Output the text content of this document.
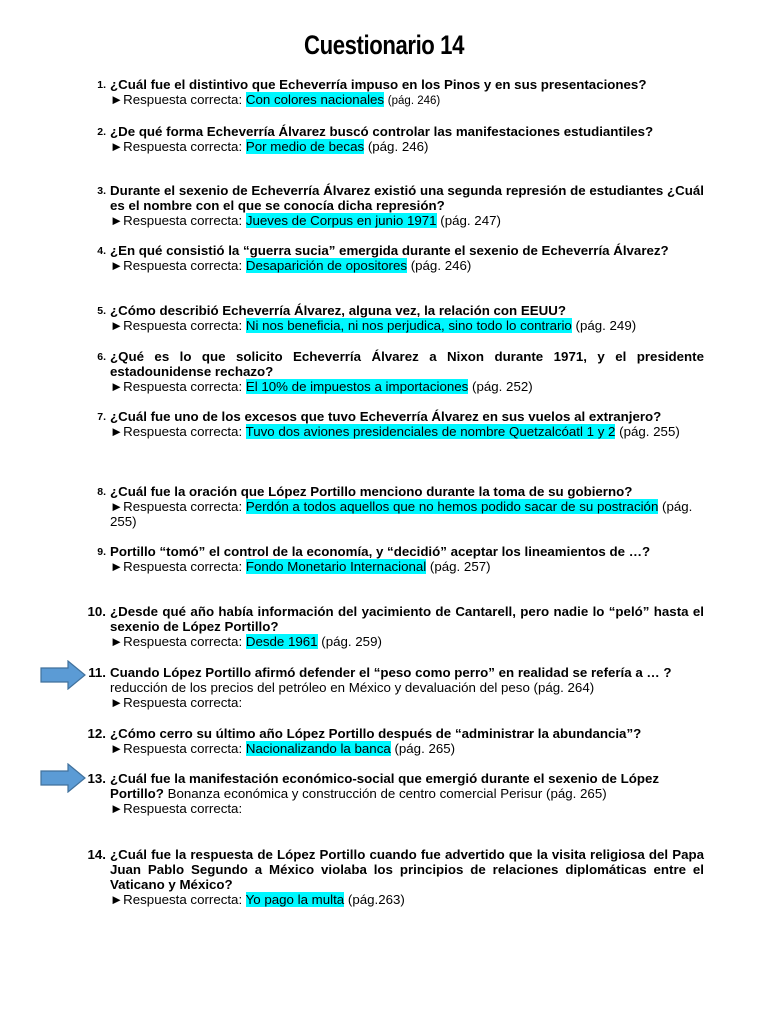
Cuestionario 14
1. ¿Cuál fue el distintivo que Echeverría impuso en los Pinos y en sus presentaciones?
►Respuesta correcta: Con colores nacionales (pág. 246)
2. ¿De qué forma Echeverría Álvarez buscó controlar las manifestaciones estudiantiles?
►Respuesta correcta: Por medio de becas (pág. 246)
3. Durante el sexenio de Echeverría Álvarez existió una segunda represión de estudiantes ¿Cuál es el nombre con el que se conocía dicha represión?
►Respuesta correcta: Jueves de Corpus en junio 1971 (pág. 247)
4. ¿En qué consistió la “guerra sucia” emergida durante el sexenio de Echeverría Álvarez?
►Respuesta correcta: Desaparición de opositores (pág. 246)
5. ¿Cómo describió Echeverría Álvarez, alguna vez, la relación con EEUU?
►Respuesta correcta: Ni nos beneficia, ni nos perjudica, sino todo lo contrario (pág. 249)
6. ¿Qué es lo que solicito Echeverría Álvarez a Nixon durante 1971, y el presidente estadounidense rechazo?
►Respuesta correcta: El 10% de impuestos a importaciones (pág. 252)
7. ¿Cuál fue uno de los excesos que tuvo Echeverría Álvarez en sus vuelos al extranjero?
►Respuesta correcta: Tuvo dos aviones presidenciales de nombre Quetzalcóatl 1 y 2 (pág. 255)
8. ¿Cuál fue la oración que López Portillo menciono durante la toma de su gobierno?
►Respuesta correcta: Perdón a todos aquellos que no hemos podido sacar de su postración (pág. 255)
9. Portillo “tomó” el control de la economía, y “decidió” aceptar los lineamientos de …?
►Respuesta correcta: Fondo Monetario Internacional (pág. 257)
10. ¿Desde qué año había información del yacimiento de Cantarell, pero nadie lo “peló” hasta el sexenio de López Portillo?
►Respuesta correcta: Desde 1961 (pág. 259)
11. Cuando López Portillo afirmó defender el “peso como perro” en realidad se refería a … ? reducción de los precios del petróleo en México y devaluación del peso (pág. 264)
►Respuesta correcta:
12. ¿Cómo cerro su último año López Portillo después de “administrar la abundancia”?
►Respuesta correcta: Nacionalizando la banca (pág. 265)
13. ¿Cuál fue la manifestación económico-social que emergió durante el sexenio de López Portillo? Bonanza económica y construcción de centro comercial Perisur (pág. 265)
►Respuesta correcta:
14. ¿Cuál fue la respuesta de López Portillo cuando fue advertido que la visita religiosa del Papa Juan Pablo Segundo a México violaba los principios de relaciones diplomáticas entre el Vaticano y México?
►Respuesta correcta: Yo pago la multa (pág.263)
